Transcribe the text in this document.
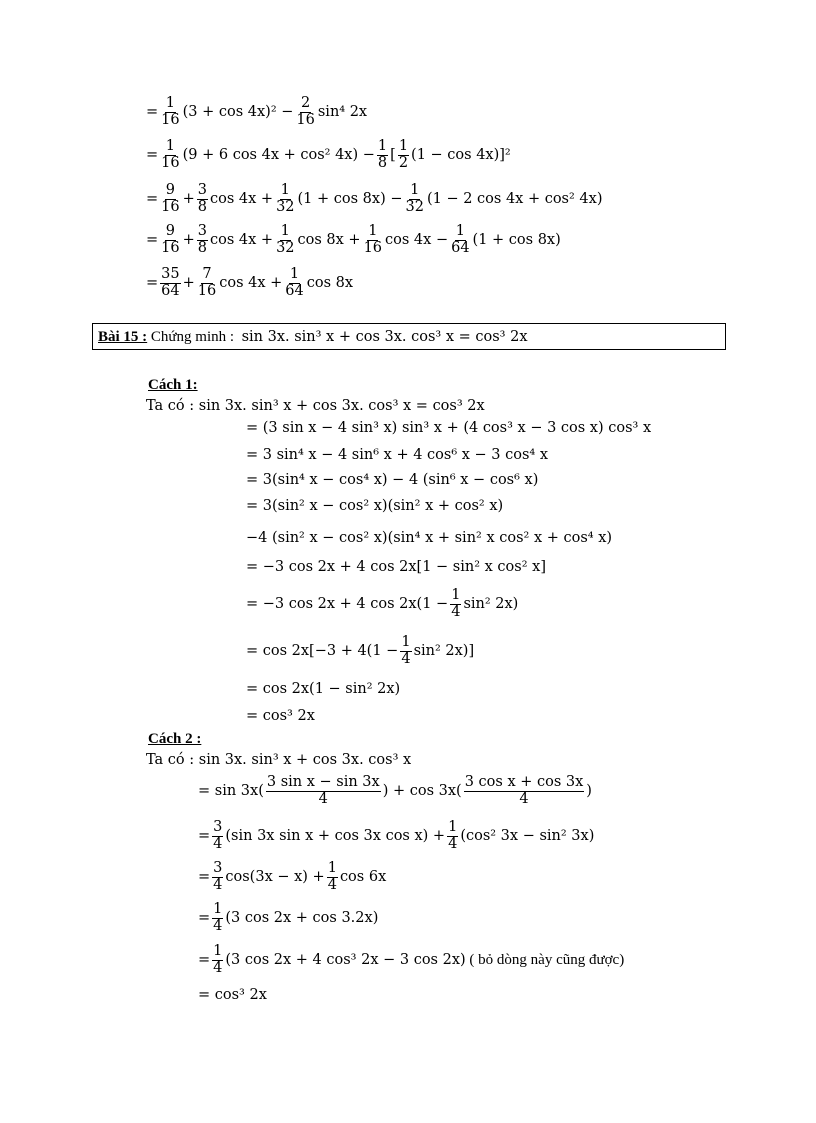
= $\frac{1}{16} (3 + \cos 4x)^2 - \frac{2}{16} \sin^4$ 2x
= $\frac{1}{16} (9 + 6$ cos 4x + cos² $4x) - \frac{1}{8}$ [ $\frac{1}{2} (1 - \cos 4x)]^2$
= $\frac{9}{16} + \frac{3}{8}$ $\cos 4x + \frac{1}{32} (1 + \cos 8x) - \frac{1}{32} (1 - 2$ cos 4x + cos² 4x)
= $\frac{9}{16} + \frac{3}{8}$ $\cos 4x + \frac{1}{32}$ $\cos 8x + \frac{1}{16}$ $\cos 4x - \frac{1}{64} (1 + \cos 8x)$
= $\frac{35}{64} + \frac{7}{16}$ $\cos 4x + \frac{1}{64}$ cos 8x
Bài 15 : Chứng minh : sin 3x. sin³ x + cos 3x. cos³ x = cos³ 2x
Cách 1:
Ta có : sin 3x. sin³ x + cos 3x. cos³ x = cos³ 2x
= (3 sin x − 4 sin³ x) sin³ x + (4 cos³ x − 3 cos x) cos³ x
= 3 sin⁴ x − 4 sin⁶ x + 4 cos⁶ x − 3 cos⁴ x
= 3(sin⁴ x − cos⁴ x) − 4 (sin⁶ x − cos⁶ x)
= 3(sin² x − cos² x)(sin² x + cos² x)
−4 (sin² x − cos² x)(sin⁴ x + sin² x cos² x + cos⁴ x)
= −3 cos 2x + 4 cos 2x[1 − sin² x cos² x]
= −3 cos 2x + 4 $\cos 2x(1 - \frac{1}{4} \sin^2$ 2x)
= $\cos 2x[-3 + 4(1 - \frac{1}{4} \sin^2$ 2x)]
= cos 2x(1 − sin² 2x)
= cos³ 2x
Cách 2 :
Ta có : sin 3x. sin³ x + cos 3x. cos³ x
= $\sin 3x( \frac{\text{3 sin x − sin 3x}}{4}$ ) + $\cos 3x( \frac{\text{3 cos x + cos 3x}}{4}$ )
= $\frac{3}{4} (\sin$ 3x sin x + cos 3x $\cos x) + \frac{1}{4} (\cos^2$ 3x − sin² 3x)
= $\frac{3}{4} \cos(3x - x) + \frac{1}{4}$ cos 6x
= $\frac{1}{4} (3$ cos 2x + cos 3.2x)
= $\frac{1}{4} (3$ cos 2x + 4 cos³ 2x − 3 cos 2x) ( bỏ dòng này cũng được)
= cos³ 2x
